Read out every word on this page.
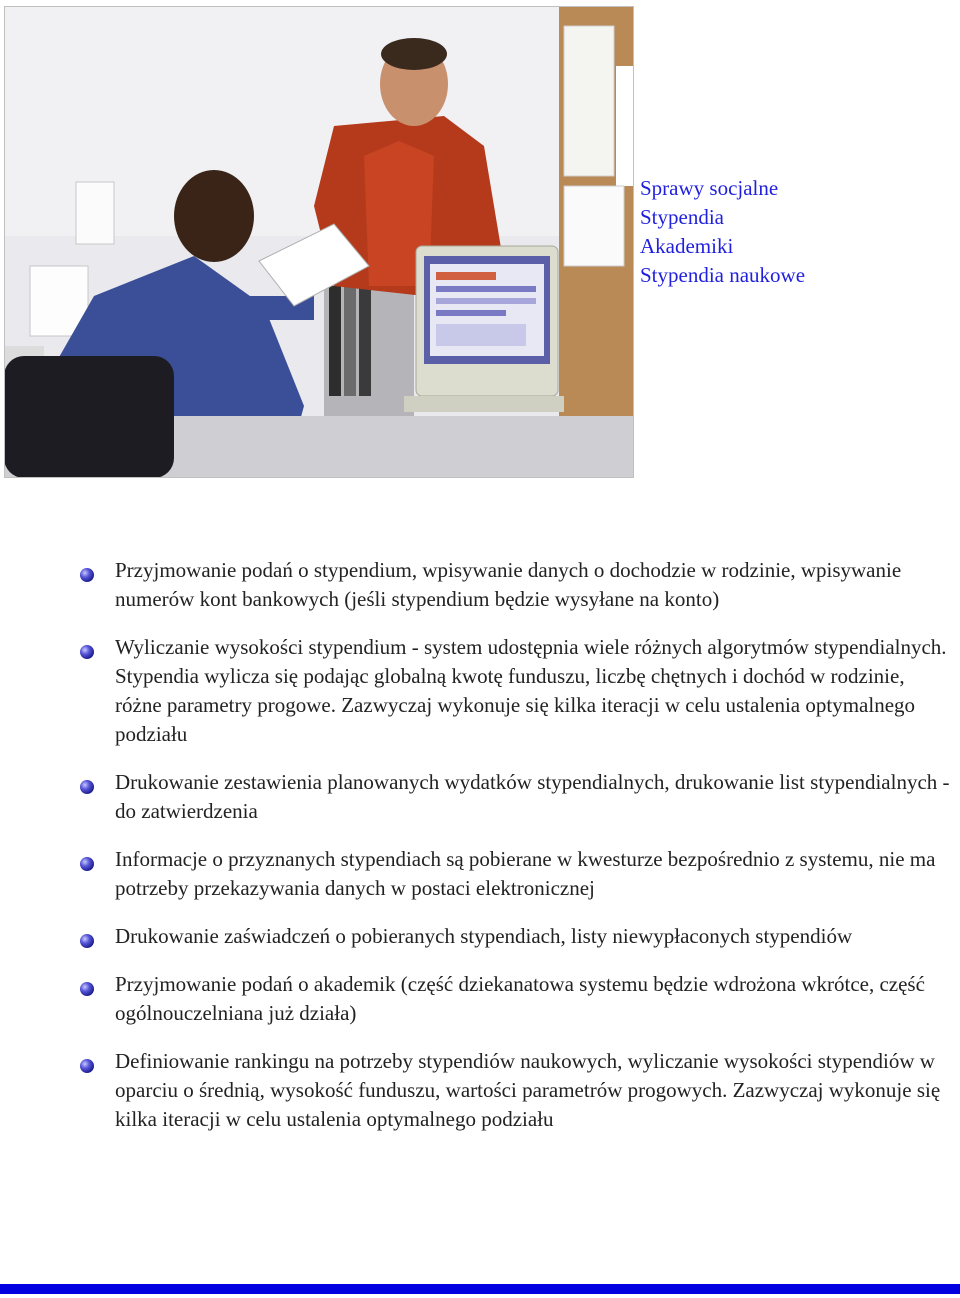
Sprawy socjalne
Stypendia
Akademiki
Stypendia naukowe
Przyjmowanie podań o stypendium, wpisywanie danych o dochodzie w rodzinie, wpisywanie numerów kont bankowych (jeśli stypendium będzie wysyłane na konto)
Wyliczanie wysokości stypendium - system udostępnia wiele różnych algorytmów stypendialnych. Stypendia wylicza się podając globalną kwotę funduszu, liczbę chętnych i dochód w rodzinie, różne parametry progowe. Zazwyczaj wykonuje się kilka iteracji w celu ustalenia optymalnego podziału
Drukowanie zestawienia planowanych wydatków stypendialnych, drukowanie list stypendialnych - do zatwierdzenia
Informacje o przyznanych stypendiach są pobierane w kwesturze bezpośrednio z systemu, nie ma potrzeby przekazywania danych w postaci elektronicznej
Drukowanie zaświadczeń o pobieranych stypendiach, listy niewypłaconych stypendiów
Przyjmowanie podań o akademik (część dziekanatowa systemu będzie wdrożona wkrótce, część ogólnouczelniana już działa)
Definiowanie rankingu na potrzeby stypendiów naukowych, wyliczanie wysokości stypendiów w oparciu o średnią, wysokość funduszu, wartości parametrów progowych. Zazwyczaj wykonuje się kilka iteracji w celu ustalenia optymalnego podziału
